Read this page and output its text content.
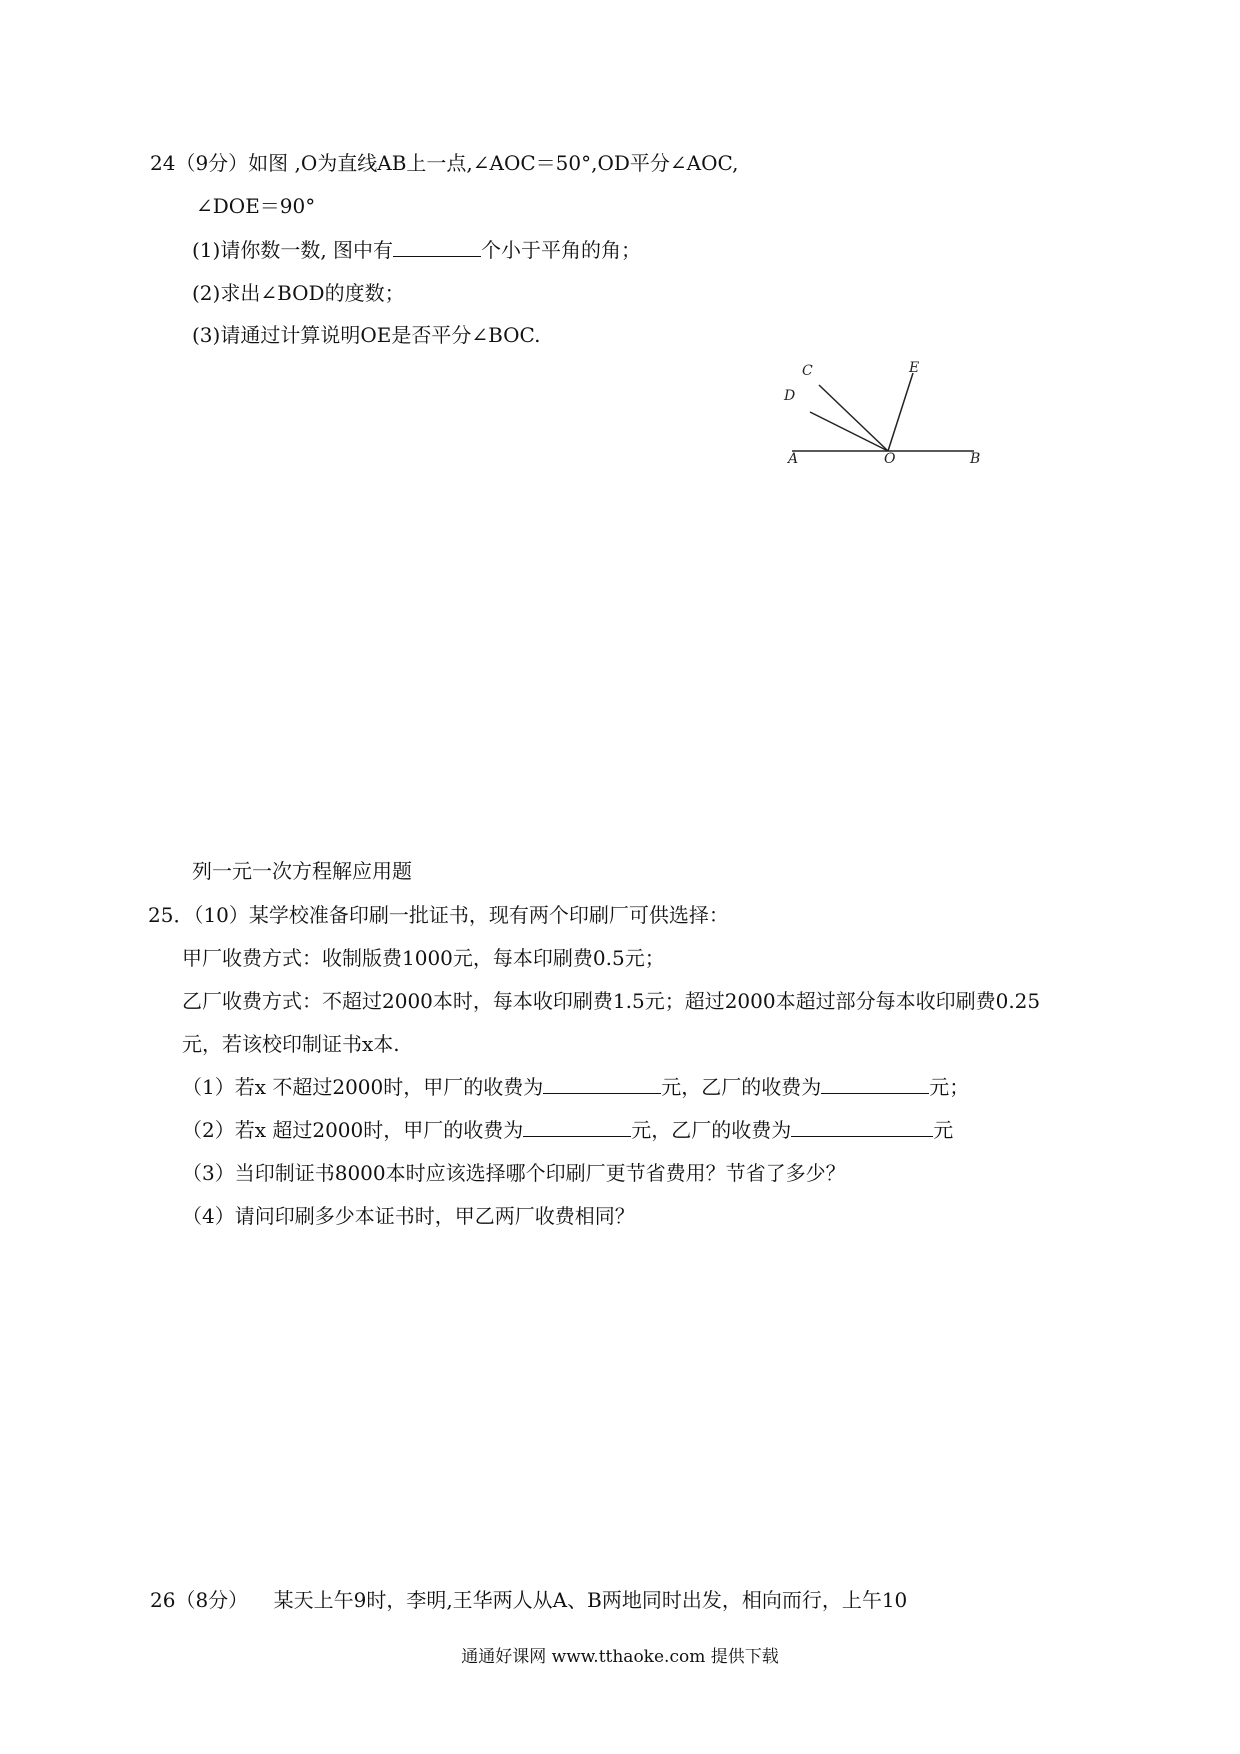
24（9分）如图 ,O为直线AB上一点,∠AOC＝50°,OD平分∠AOC,
∠DOE＝90°
(1)请你数一数, 图中有	个小于平角的角；
(2)求出∠BOD的度数；
(3)请通过计算说明OE是否平分∠BOC.
A	O	B
C
D
E
列一元一次方程解应用题
25．（10）某学校准备印刷一批证书，现有两个印刷厂可供选择：
甲厂收费方式：收制版费1000元，每本印刷费0.5元；
乙厂收费方式：不超过2000本时，每本收印刷费1.5元；超过2000本超过部分每本收印刷费0.25
元，若该校印制证书x本.
（1）若x 不超过2000时，甲厂的收费为	元，乙厂的收费为	元；
（2）若x 超过2000时，甲厂的收费为	元，乙厂的收费为	元
（3）当印制证书8000本时应该选择哪个印刷厂更节省费用？节省了多少？
（4）请问印刷多少本证书时，甲乙两厂收费相同？
26（8分）    某天上午9时，李明,王华两人从A、B两地同时出发，相向而行，上午10
通通好课网 www.tthaoke.com 提供下载
